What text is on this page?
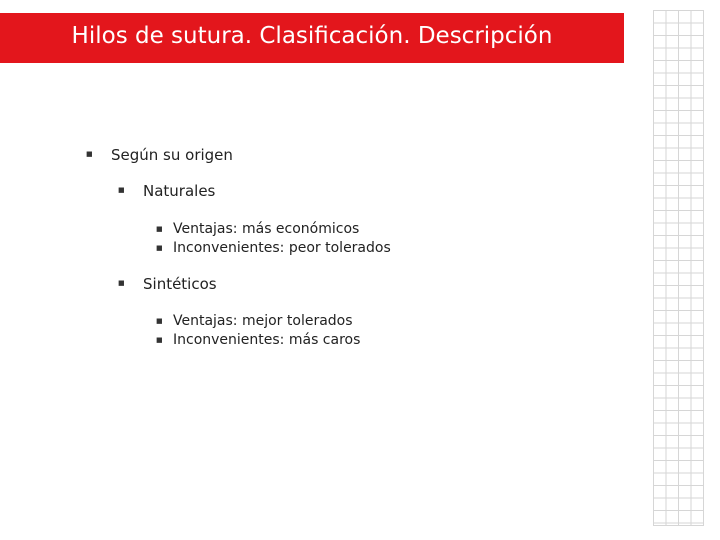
Hilos de sutura. Clasificación. Descripción
■ Según su origen
■ Naturales
■ Ventajas: más económicos
■ Inconvenientes: peor tolerados
■ Sintéticos
■ Ventajas: mejor tolerados
■ Inconvenientes: más caros
